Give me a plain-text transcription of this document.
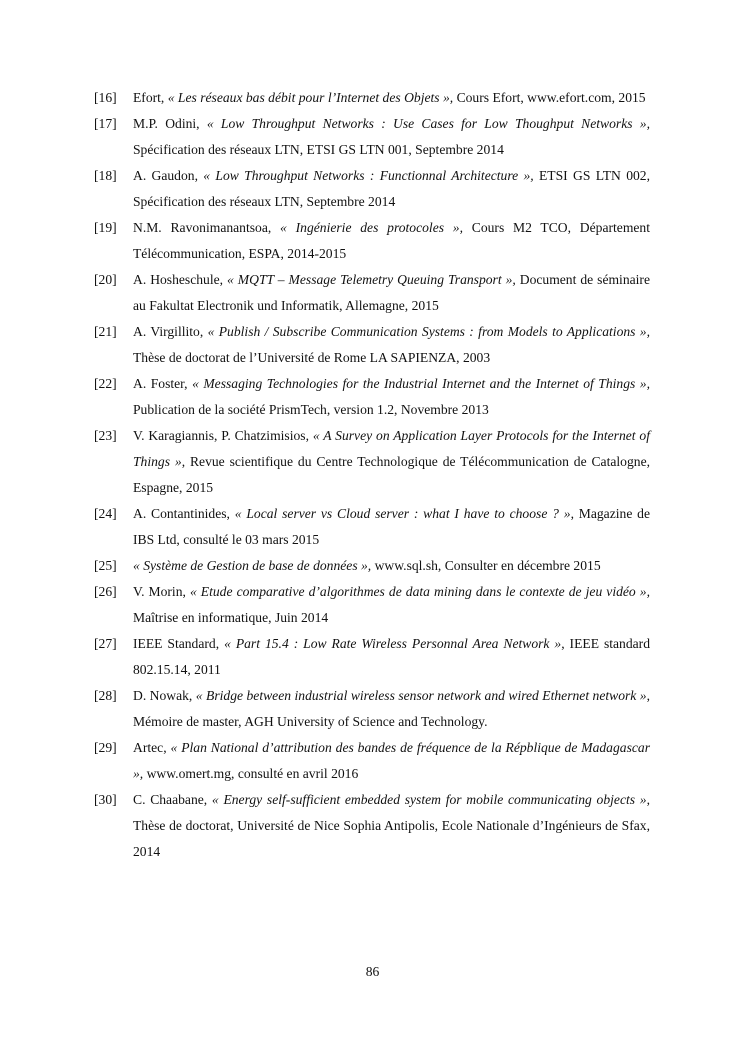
[16]	Efort, « Les réseaux bas débit pour l’Internet des Objets », Cours Efort, www.efort.com, 2015
[17]	M.P. Odini, « Low Throughput Networks : Use Cases for Low Thoughput Networks », Spécification des réseaux LTN, ETSI GS LTN 001, Septembre 2014
[18]	A. Gaudon, « Low Throughput Networks : Functionnal Architecture », ETSI GS LTN 002, Spécification des réseaux LTN, Septembre 2014
[19]	N.M. Ravonimanantsoa, « Ingénierie des protocoles », Cours M2 TCO, Département Télécommunication, ESPA, 2014-2015
[20]	A. Hosheschule, « MQTT – Message Telemetry Queuing Transport », Document de séminaire au Fakultat Electronik und Informatik, Allemagne, 2015
[21]	A. Virgillito, « Publish / Subscribe Communication Systems : from Models to Applications », Thèse de doctorat de l’Université de Rome LA SAPIENZA, 2003
[22]	A. Foster, « Messaging Technologies for the Industrial Internet and the Internet of Things », Publication de la société PrismTech, version 1.2, Novembre 2013
[23]	V. Karagiannis, P. Chatzimisios, « A Survey on Application Layer Protocols for the Internet of Things », Revue scientifique du Centre Technologique de Télécommunication de Catalogne, Espagne, 2015
[24]	A. Contantinides, « Local server vs Cloud server : what I have to choose ? », Magazine de IBS Ltd, consulté le 03 mars 2015
[25]	« Système de Gestion de base de données », www.sql.sh, Consulter en décembre 2015
[26]	V. Morin, « Etude comparative d’algorithmes de data mining dans le contexte de jeu vidéo », Maîtrise en informatique, Juin 2014
[27]	IEEE Standard, « Part 15.4 : Low Rate Wireless Personnal Area Network », IEEE standard 802.15.14, 2011
[28]	D. Nowak, « Bridge between industrial wireless sensor network and wired Ethernet network », Mémoire de master, AGH University of Science and Technology.
[29]	Artec, « Plan National d’attribution des bandes de fréquence de la Répblique de Madagascar », www.omert.mg, consulté en avril 2016
[30]	C. Chaabane, « Energy self-sufficient embedded system for mobile communicating objects », Thèse de doctorat, Université de Nice Sophia Antipolis, Ecole Nationale d’Ingénieurs de Sfax, 2014
86
